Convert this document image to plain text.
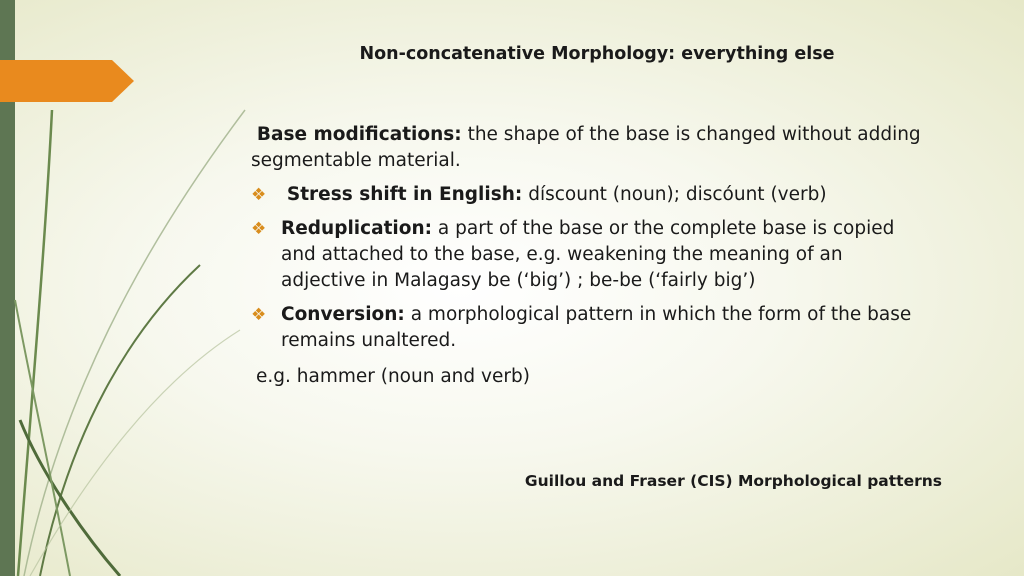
Non-concatenative Morphology: everything else

Base modifications: the shape of the base is changed without adding segmentable material.

❖ Stress shift in English: díscount (noun); discóunt (verb)
❖ Reduplication: a part of the base or the complete base is copied and attached to the base, e.g. weakening the meaning of an adjective in Malagasy be (‘big’) ; be-be (‘fairly big’)
❖ Conversion: a morphological pattern in which the form of the base remains unaltered.
e.g. hammer (noun and verb)
Guillou and Fraser (CIS) Morphological patterns
